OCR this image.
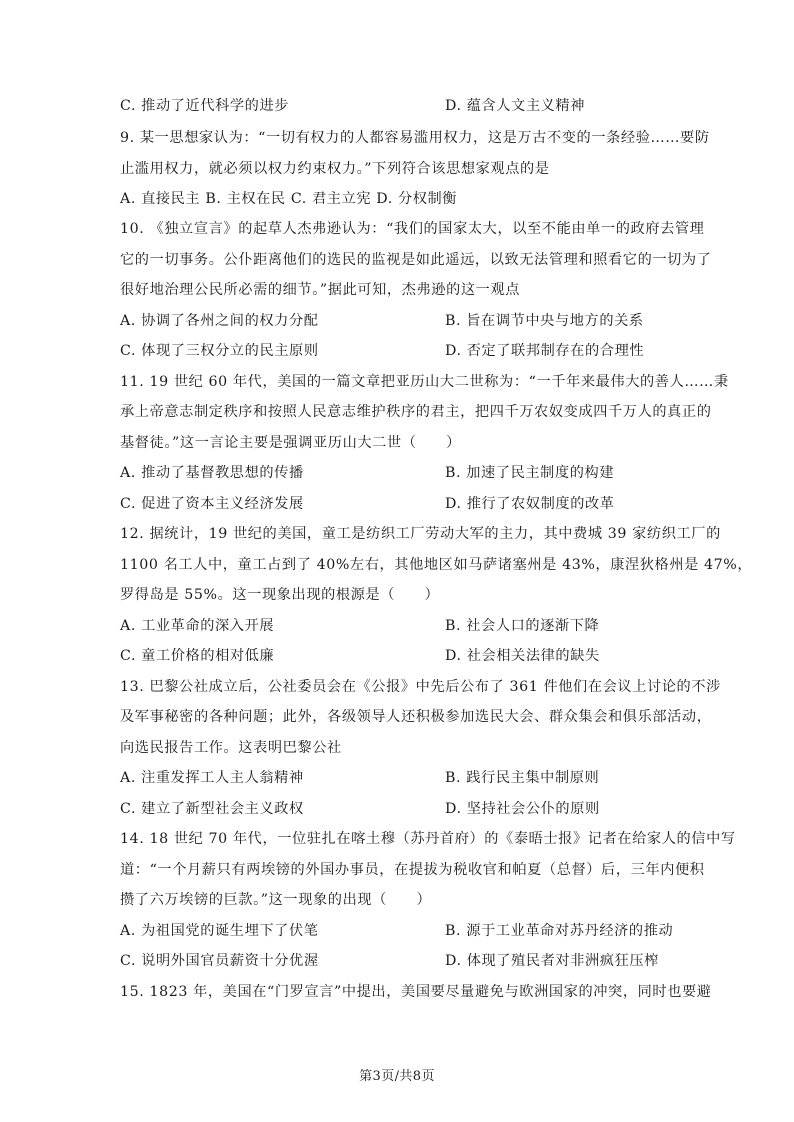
C. 推动了近代科学的进步	D. 蕴含人文主义精神
9. 某一思想家认为：“一切有权力的人都容易滥用权力，这是万古不变的一条经验……要防
止滥用权力，就必须以权力约束权力。”下列符合该思想家观点的是
A. 直接民主 B. 主权在民 C. 君主立宪 D. 分权制衡
10. 《独立宣言》的起草人杰弗逊认为：“我们的国家太大，以至不能由单一的政府去管理
它的一切事务。公仆距离他们的选民的监视是如此遥远，以致无法管理和照看它的一切为了
很好地治理公民所必需的细节。”据此可知，杰弗逊的这一观点
A. 协调了各州之间的权力分配	B. 旨在调节中央与地方的关系
C. 体现了三权分立的民主原则	D. 否定了联邦制存在的合理性
11. 19 世纪 60 年代，美国的一篇文章把亚历山大二世称为：“一千年来最伟大的善人……秉
承上帝意志制定秩序和按照人民意志维护秩序的君主，把四千万农奴变成四千万人的真正的
基督徒。”这一言论主要是强调亚历山大二世（　　）
A. 推动了基督教思想的传播	B. 加速了民主制度的构建
C. 促进了资本主义经济发展	D. 推行了农奴制度的改革
12. 据统计，19 世纪的美国，童工是纺织工厂劳动大军的主力，其中费城 39 家纺织工厂的
1100 名工人中，童工占到了 40%左右，其他地区如马萨诸塞州是 43%，康涅狄格州是 47%，
罗得岛是 55%。这一现象出现的根源是（　　）
A. 工业革命的深入开展	B. 社会人口的逐渐下降
C. 童工价格的相对低廉	D. 社会相关法律的缺失
13. 巴黎公社成立后，公社委员会在《公报》中先后公布了 361 件他们在会议上讨论的不涉
及军事秘密的各种问题；此外，各级领导人还积极参加选民大会、群众集会和俱乐部活动，
向选民报告工作。这表明巴黎公社
A. 注重发挥工人主人翁精神	B. 践行民主集中制原则
C. 建立了新型社会主义政权	D. 坚持社会公仆的原则
14. 18 世纪 70 年代，一位驻扎在喀土穆（苏丹首府）的《泰晤士报》记者在给家人的信中写
道：“一个月薪只有两埃镑的外国办事员，在提拔为税收官和帕夏（总督）后，三年内便积
攒了六万埃镑的巨款。”这一现象的出现（　　）
A. 为祖国党的诞生埋下了伏笔	B. 源于工业革命对苏丹经济的推动
C. 说明外国官员薪资十分优渥	D. 体现了殖民者对非洲疯狂压榨
15. 1823 年，美国在“门罗宣言”中提出，美国要尽量避免与欧洲国家的冲突，同时也要避
第3页/共8页
